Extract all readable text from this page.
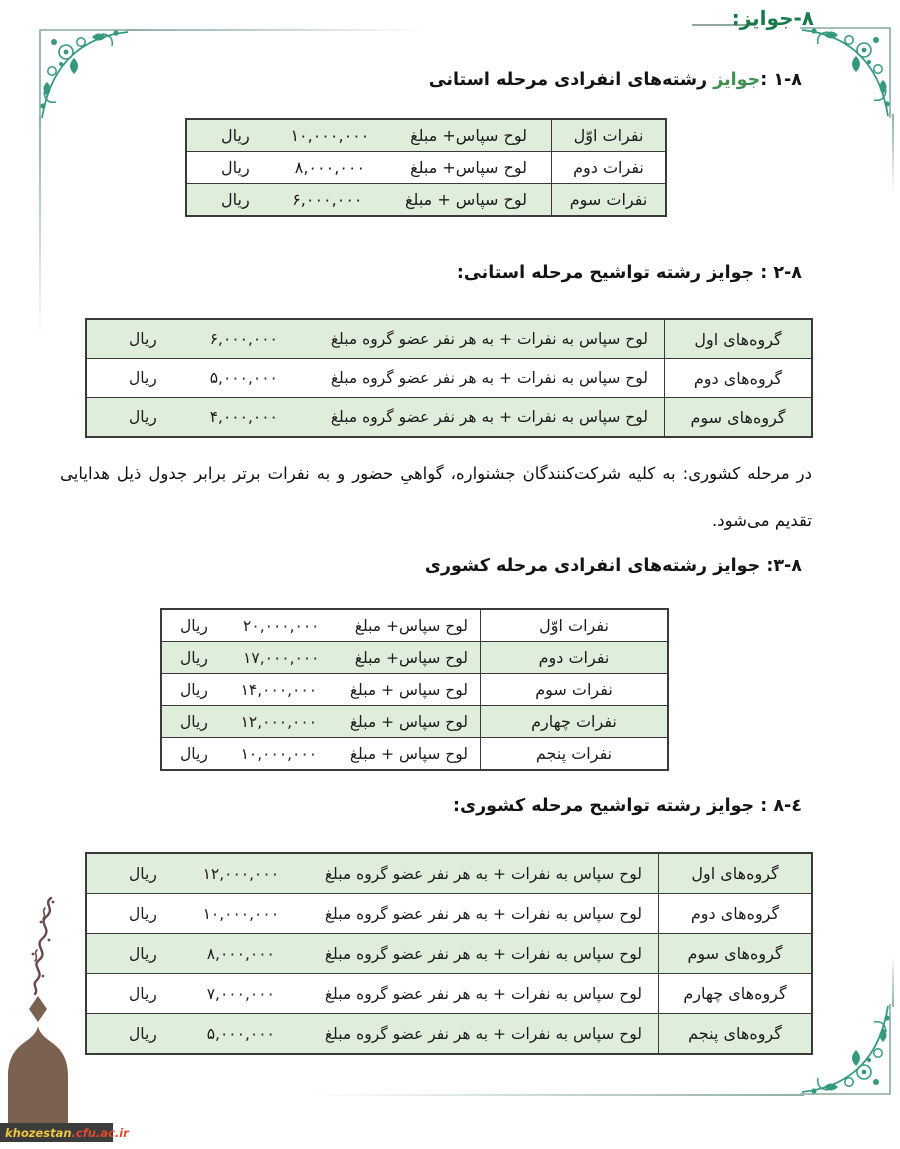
۸-جوایز:
۱-۸ :جوایز رشته‌های انفرادی مرحله استانی
نفرات اوّل
لوح سپاس+ مبلغ
۱۰,۰۰۰,۰۰۰
ریال
نفرات دوم
لوح سپاس+ مبلغ
۸,۰۰۰,۰۰۰
ریال
نفرات سوم
لوح سپاس + مبلغ
۶,۰۰۰,۰۰۰
ریال
۲-۸ : جوایز رشته تواشیح مرحله استانی:
گروه‌های اول
لوح سپاس به نفرات + به هر نفر عضو گروه مبلغ
۶,۰۰۰,۰۰۰
ریال
گروه‌های دوم
لوح سپاس به نفرات + به هر نفر عضو گروه مبلغ
۵,۰۰۰,۰۰۰
ریال
گروه‌های سوم
لوح سپاس به نفرات + به هر نفر عضو گروه مبلغ
۴,۰۰۰,۰۰۰
ریال
در مرحله کشوری: به کلیه شرکت‌کنندگان جشنواره، گواهیِ حضور و به نفرات برتر برابر جدول ذیل هدایایی
تقدیم می‌شود.
۳-۸: جوایز رشته‌های انفرادی مرحله کشوری
نفرات اوّل
لوح سپاس+ مبلغ
۲۰,۰۰۰,۰۰۰
ریال
نفرات دوم
لوح سپاس+ مبلغ
۱۷,۰۰۰,۰۰۰
ریال
نفرات سوم
لوح سپاس + مبلغ
۱۴,۰۰۰,۰۰۰
ریال
نفرات چهارم
لوح سپاس + مبلغ
۱۲,۰۰۰,۰۰۰
ریال
نفرات پنجم
لوح سپاس + مبلغ
۱۰,۰۰۰,۰۰۰
ریال
٤-۸ : جوایز رشته تواشیح مرحله کشوری:
گروه‌های اول
لوح سپاس به نفرات + به هر نفر عضو گروه مبلغ
۱۲,۰۰۰,۰۰۰
ریال
گروه‌های دوم
لوح سپاس به نفرات + به هر نفر عضو گروه مبلغ
۱۰,۰۰۰,۰۰۰
ریال
گروه‌های سوم
لوح سپاس به نفرات + به هر نفر عضو گروه مبلغ
۸,۰۰۰,۰۰۰
ریال
گروه‌های چهارم
لوح سپاس به نفرات + به هر نفر عضو گروه مبلغ
۷,۰۰۰,۰۰۰
ریال
گروه‌های پنجم
لوح سپاس به نفرات + به هر نفر عضو گروه مبلغ
۵,۰۰۰,۰۰۰
ریال
khozestan .cfu.ac.ir
